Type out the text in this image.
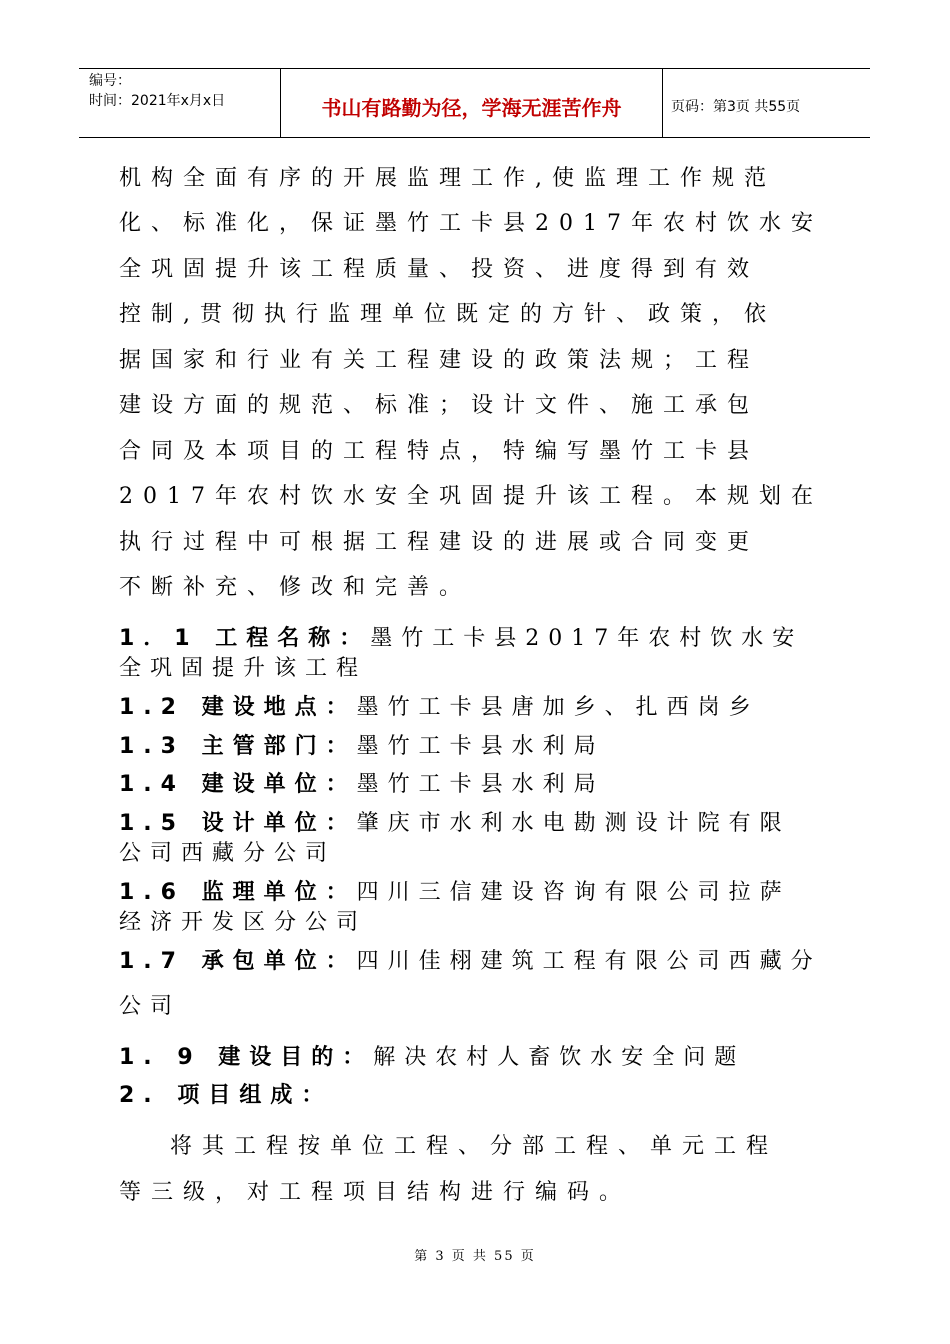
编号：
时间：2021年x月x日	书山有路勤为径，学海无涯苦作舟	页码：第3页 共55页
机构全面有序的开展监理工作,使监理工作规范
化、标准化，保证墨竹工卡县2017年农村饮水安
全巩固提升该工程质量、投资、进度得到有效
控制,贯彻执行监理单位既定的方针、政策，依
据国家和行业有关工程建设的政策法规；工程
建设方面的规范、标准；设计文件、施工承包
合同及本项目的工程特点，特编写墨竹工卡县
2017年农村饮水安全巩固提升该工程。本规划在
执行过程中可根据工程建设的进展或合同变更
不断补充、修改和完善。
1．1 工程名称：墨竹工卡县2017年农村饮水安
全巩固提升该工程
1.2 建设地点：墨竹工卡县唐加乡、扎西岗乡
1.3 主管部门：墨竹工卡县水利局
1.4 建设单位：墨竹工卡县水利局
1.5 设计单位：肇庆市水利水电勘测设计院有限
公司西藏分公司
1.6 监理单位：四川三信建设咨询有限公司拉萨
经济开发区分公司
1.7 承包单位：四川佳栩建筑工程有限公司西藏分
公司
1. 9 建设目的：解决农村人畜饮水安全问题
2. 项目组成：
将其工程按单位工程、分部工程、单元工程
等三级，对工程项目结构进行编码。
第 3 页 共 55 页
